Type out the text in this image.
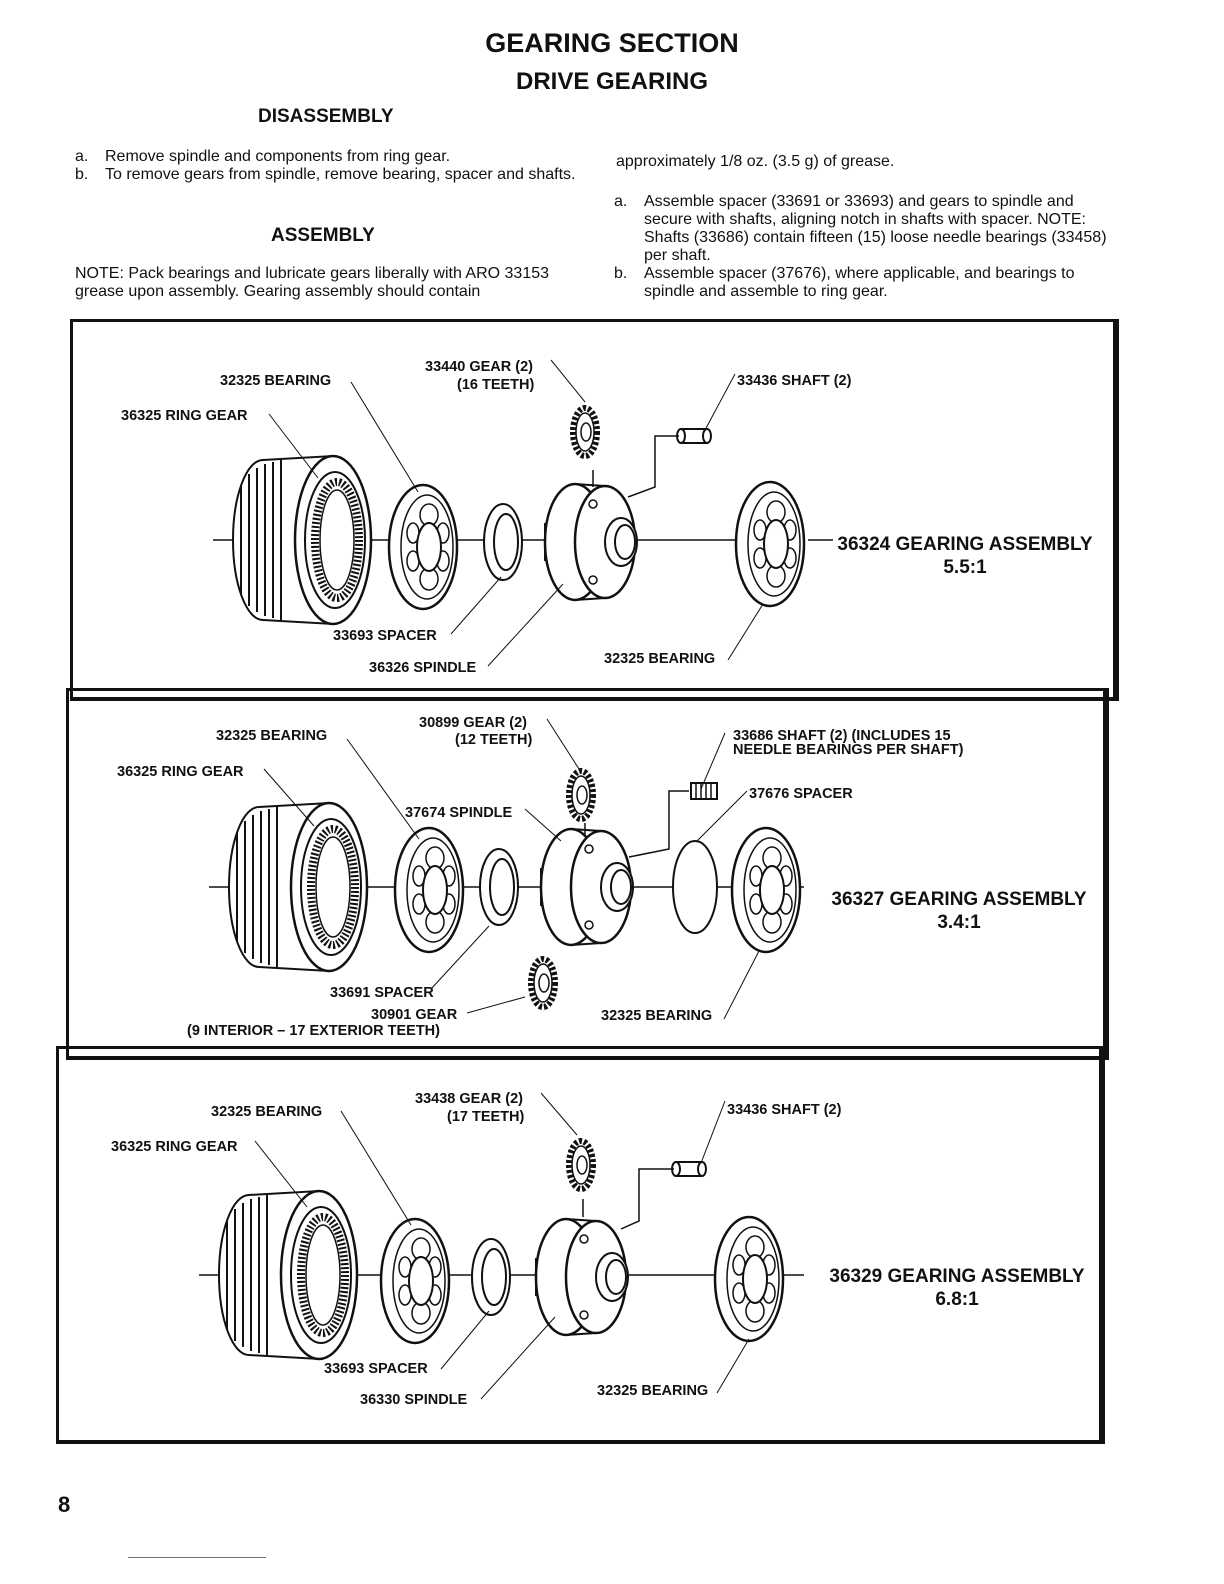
GEARING SECTION
DRIVE GEARING
DISASSEMBLY
a.	Remove spindle and components from ring gear.
b.	To remove gears from spindle, remove bearing, spacer and shafts.
ASSEMBLY
NOTE: Pack bearings and lubricate gears liberally with ARO 33153 grease upon assembly. Gearing assembly should contain
approximately 1/8 oz. (3.5 g) of grease.
a.	Assemble spacer (33691 or 33693) and gears to spindle and secure with shafts, aligning notch in shafts with spacer. NOTE: Shafts (33686) contain fifteen (15) loose needle bearings (33458) per shaft.
b.	Assemble spacer (37676), where applicable, and bearings to spindle and assemble to ring gear.
32325 BEARING
36325 RING GEAR
33440 GEAR (2)
(16 TEETH)	33436 SHAFT (2)
33693 SPACER
36326 SPINDLE
32325 BEARING
36324 GEARING ASSEMBLY
5.5:1
32325 BEARING
36325 RING GEAR
30899 GEAR (2)
(12 TEETH)	33686 SHAFT (2) (INCLUDES 15
NEEDLE BEARINGS PER SHAFT)
37676 SPACER
37674 SPINDLE
33691 SPACER
30901 GEAR
(9 INTERIOR – 17 EXTERIOR TEETH)
32325 BEARING
36327 GEARING ASSEMBLY
3.4:1
32325 BEARING
36325 RING GEAR
33438 GEAR (2)
(17 TEETH)	33436 SHAFT (2)
33693 SPACER
36330 SPINDLE
32325 BEARING
36329 GEARING ASSEMBLY
6.8:1
8
